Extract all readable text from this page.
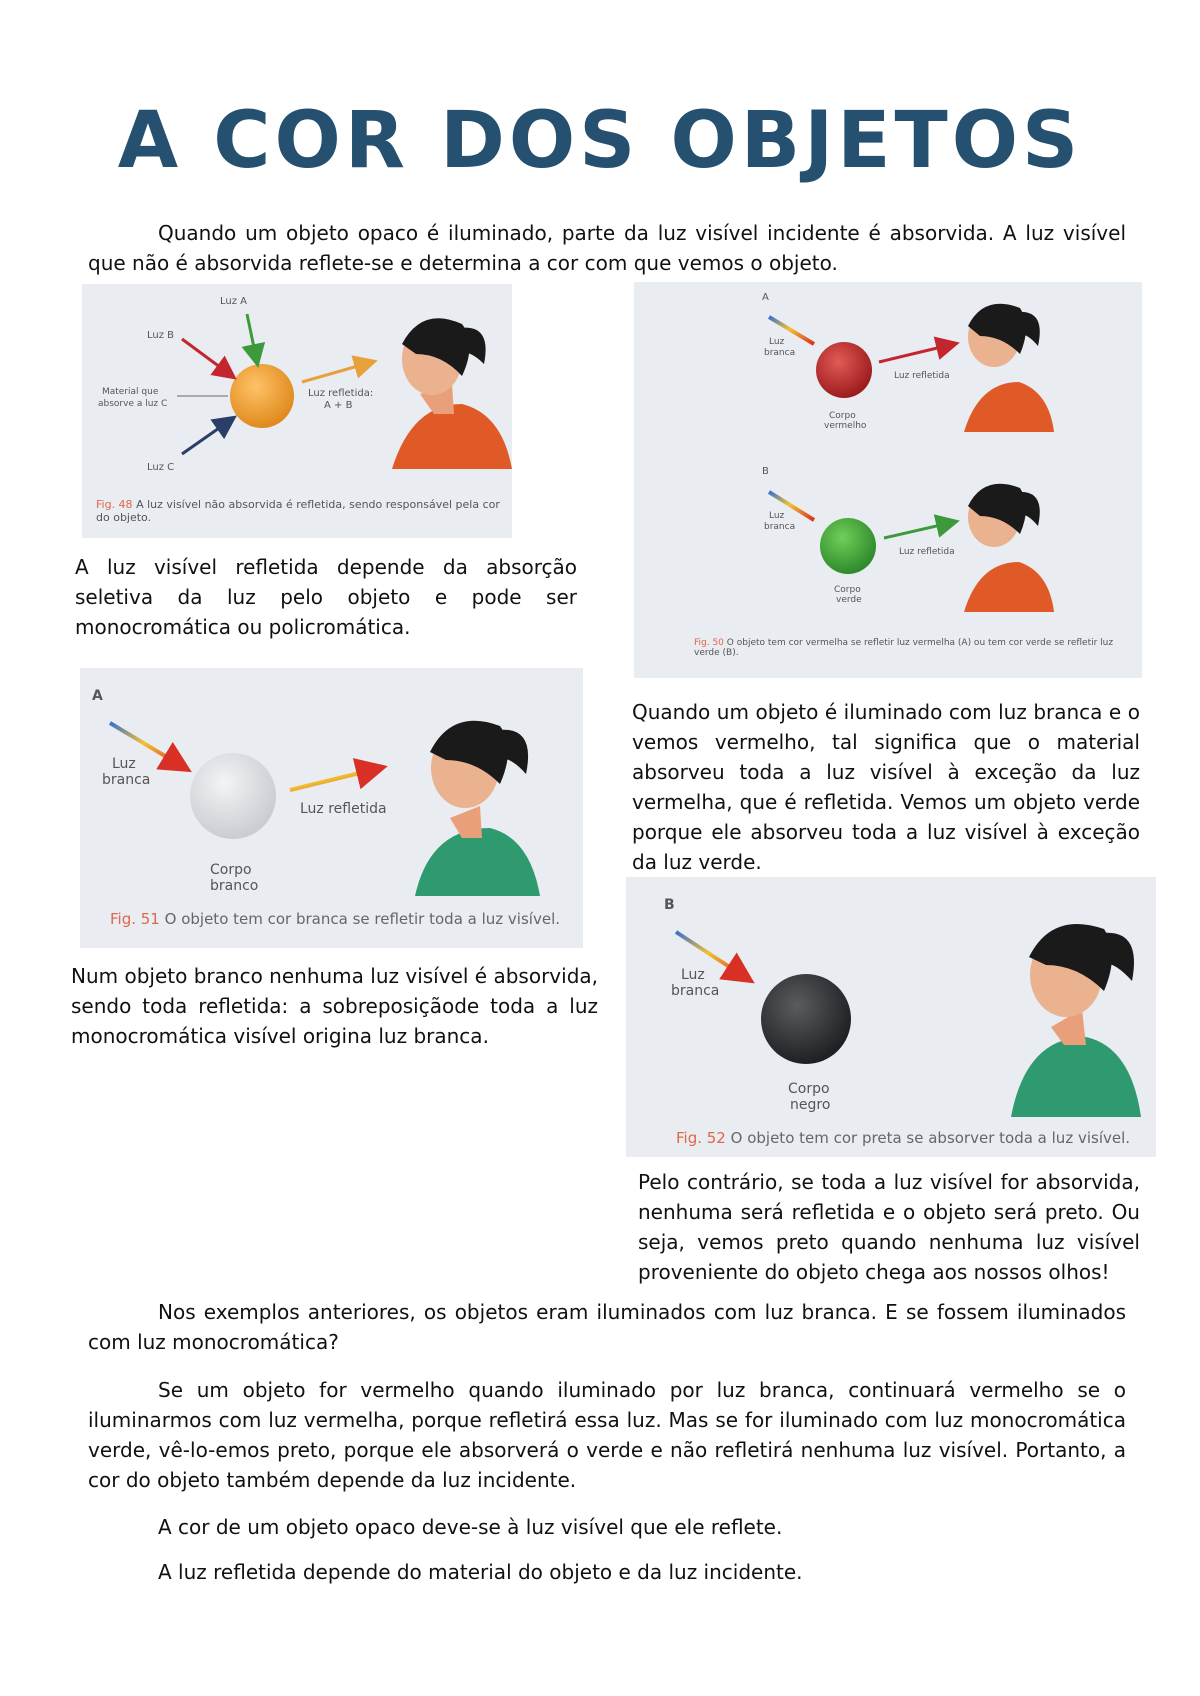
A COR DOS OBJETOS
Quando um objeto opaco é iluminado, parte da luz visível incidente é absorvida. A luz visível que não é absorvida reflete-se e determina a cor com que vemos o objeto.
Luz A
Luz B
Material que
absorve a luz C
Luz C
Luz refletida:
A + B
Fig. 48 A luz visível não absorvida é refletida, sendo responsável pela cor do objeto.
A
Luz
branca
Luz refletida
Corpo
vermelho
B
Luz
branca
Luz refletida
Corpo
verde
Fig. 50 O objeto tem cor vermelha se refletir luz vermelha (A) ou tem cor verde se refletir luz verde (B).
A luz visível refletida depende da absorção seletiva da luz pelo objeto e pode ser monocromática ou policromática.
A
Luz
branca
Luz refletida
Corpo
branco
Fig. 51 O objeto tem cor branca se refletir toda a luz visível.
Quando um objeto é iluminado com luz branca e o vemos vermelho, tal significa que o material absorveu toda a luz visível à exceção da luz vermelha, que é refletida. Vemos um objeto verde porque ele absorveu toda a luz visível à exceção da luz verde.
Num objeto branco nenhuma luz visível é absorvida, sendo toda refletida: a sobreposiçãode toda a luz monocromática visível origina luz branca.
B
Luz
branca
Corpo
negro
Fig. 52 O objeto tem cor preta se absorver toda a luz visível.
Pelo contrário, se toda a luz visível for absorvida, nenhuma será refletida e o objeto será preto. Ou seja, vemos preto quando nenhuma luz visível proveniente do objeto chega aos nossos olhos!
Nos exemplos anteriores, os objetos eram iluminados com luz branca. E se fossem iluminados com luz monocromática?
Se um objeto for vermelho quando iluminado por luz branca, continuará vermelho se o iluminarmos com luz vermelha, porque refletirá essa luz. Mas se for iluminado com luz monocromática verde, vê-lo-emos preto, porque ele absorverá o verde e não refletirá nenhuma luz visível. Portanto, a cor do objeto também depende da luz incidente.
A cor de um objeto opaco deve-se à luz visível que ele reflete.
A luz refletida depende do material do objeto e da luz incidente.
